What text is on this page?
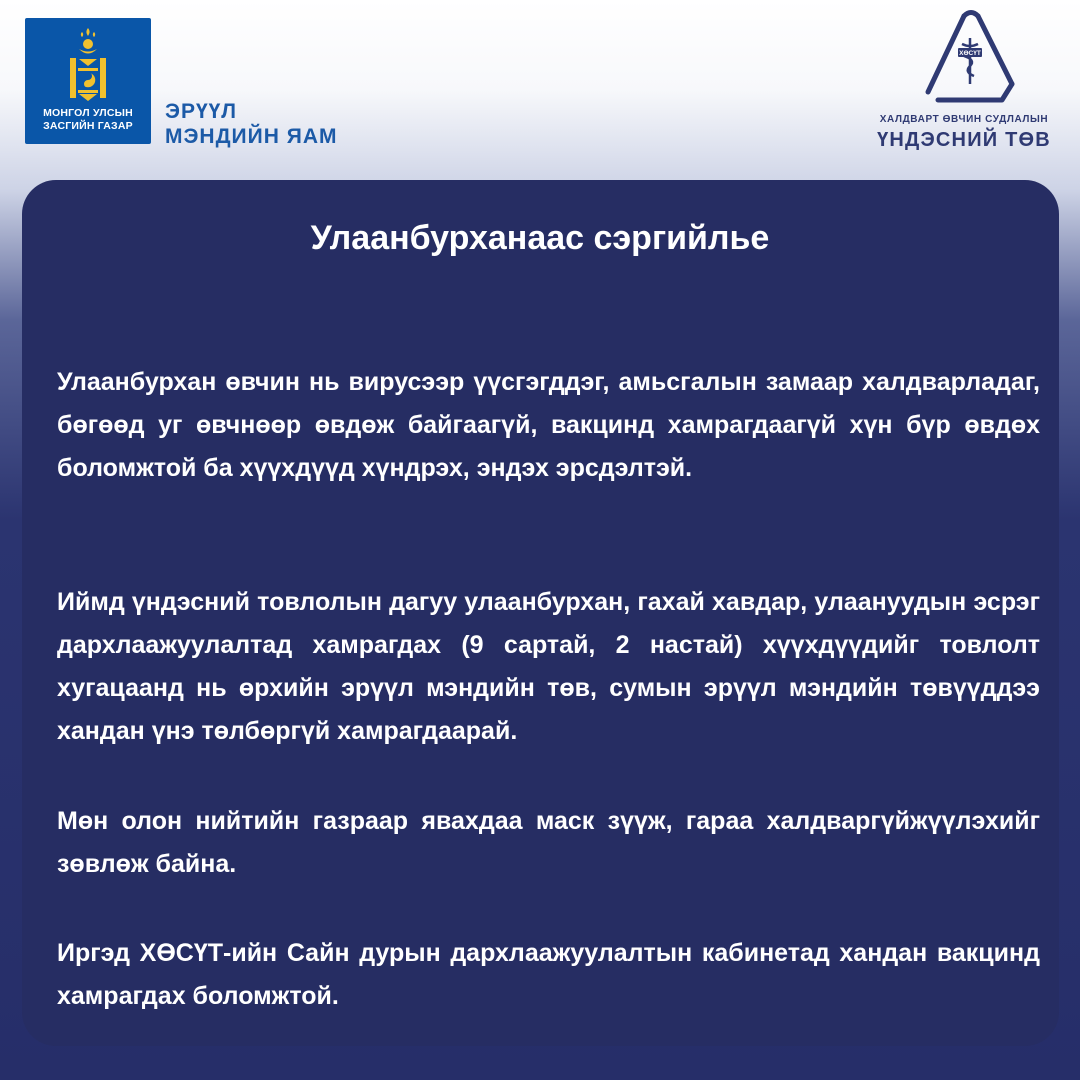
МОНГОЛ УЛСЫН
ЗАСГИЙН ГАЗАР
ЭРҮҮЛ
МЭНДИЙН ЯАМ
ХӨСҮТ
ХАЛДВАРТ ӨВЧИН СУДЛАЛЫН
ҮНДЭСНИЙ ТӨВ
Улаанбурханаас сэргийлье

Улаанбурхан өвчин нь вирусээр үүсгэгддэг, амьсгалын замаар халдварладаг, бөгөөд уг өвчнөөр өвдөж байгаагүй, вакцинд хамрагдаагүй хүн бүр өвдөх боломжтой ба хүүхдүүд хүндрэх, эндэх эрсдэлтэй.

Иймд үндэсний товлолын дагуу улаанбурхан, гахай хавдар, улаануудын эсрэг дархлаажуулалтад хамрагдах (9 сартай, 2 настай) хүүхдүүдийг товлолт хугацаанд нь өрхийн эрүүл мэндийн төв, сумын эрүүл мэндийн төвүүддээ хандан үнэ төлбөргүй хамрагдаарай.

Мөн олон нийтийн газраар явахдаа маск зүүж, гараа халдваргүйжүүлэхийг зөвлөж байна.

Иргэд ХӨСҮТ-ийн Сайн дурын дархлаажуулалтын кабинетад хандан вакцинд хамрагдах боломжтой.
